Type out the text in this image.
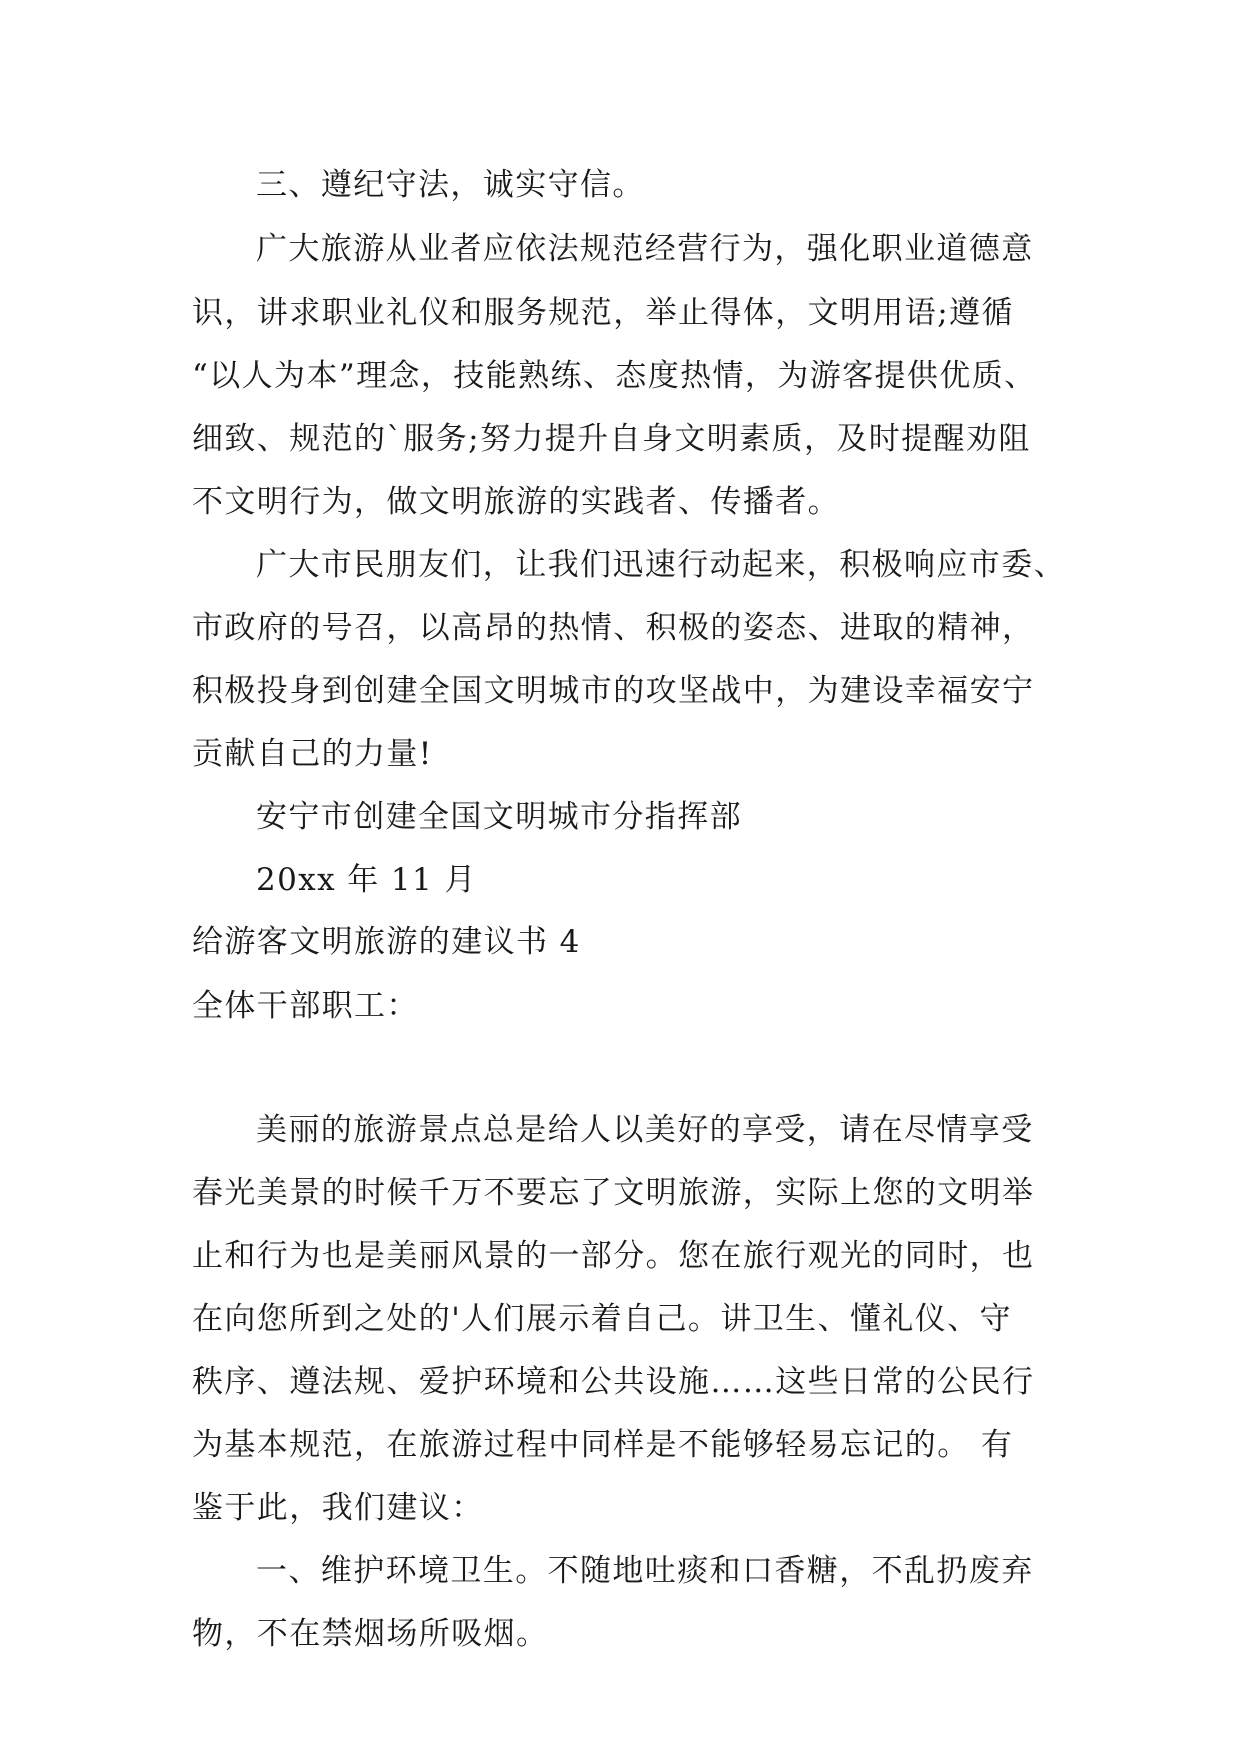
三、遵纪守法，诚实守信。
广大旅游从业者应依法规范经营行为，强化职业道德意
识，讲求职业礼仪和服务规范，举止得体，文明用语;遵循
“以人为本”理念，技能熟练、态度热情，为游客提供优质、
细致、规范的`服务;努力提升自身文明素质，及时提醒劝阻
不文明行为，做文明旅游的实践者、传播者。
广大市民朋友们，让我们迅速行动起来，积极响应市委、
市政府的号召，以高昂的热情、积极的姿态、进取的精神，
积极投身到创建全国文明城市的攻坚战中，为建设幸福安宁
贡献自己的力量!
安宁市创建全国文明城市分指挥部
20xx 年 11 月
给游客文明旅游的建议书 4
全体干部职工：
美丽的旅游景点总是给人以美好的享受，请在尽情享受
春光美景的时候千万不要忘了文明旅游，实际上您的文明举
止和行为也是美丽风景的一部分。您在旅行观光的同时，也
在向您所到之处的'人们展示着自己。讲卫生、懂礼仪、守
秩序、遵法规、爱护环境和公共设施……这些日常的公民行
为基本规范，在旅游过程中同样是不能够轻易忘记的。 有
鉴于此，我们建议：
一、维护环境卫生。不随地吐痰和口香糖，不乱扔废弃
物，不在禁烟场所吸烟。
